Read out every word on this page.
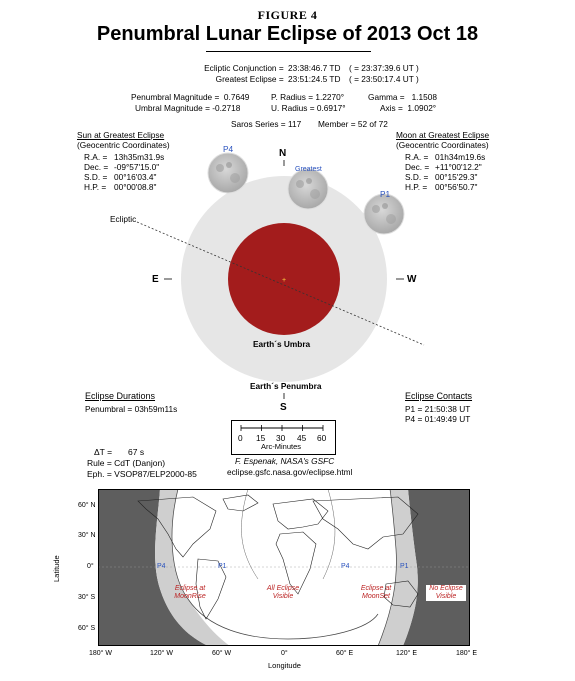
FIGURE 4
Penumbral Lunar Eclipse of 2013 Oct 18
Ecliptic Conjunction = 23:38:46.7 TD ( = 23:37:39.6 UT )
Greatest Eclipse = 23:51:24.5 TD ( = 23:50:17.4 UT )
Penumbral Magnitude =  0.7649	P. Radius = 1.2270°	Gamma =   1.1508
Umbral Magnitude = -0.2718	U. Radius = 0.6917°	Axis =  1.0902°
Saros Series = 117 Member = 52 of 72
Sun at Greatest Eclipse
(Geocentric Coordinates)
R.A. = 13h35m31.9s
Dec. = -09°57'15.0"
S.D. = 00°16'03.4"
H.P. = 00°00'08.8"
Moon at Greatest Eclipse
(Geocentric Coordinates)
R.A. = 01h34m19.6s
Dec. = +11°00'12.2"
S.D. = 00°15'29.3"
H.P. = 00°56'50.7"
+
N
S
E	W
Ecliptic
P4
Greatest
P1
Earth´s Umbra
Earth´s Penumbra
Eclipse Durations
Penumbral = 03h59m11s
Eclipse Contacts
P1 = 21:50:38 UT
P4 = 01:49:49 UT
0 15 30 45 60
Arc-Minutes
ΔT = 67 s
Rule = CdT (Danjon)
Eph. = VSOP87/ELP2000-85
F. Espenak, NASA's GSFC
eclipse.gsfc.nasa.gov/eclipse.html
60° N
30° N
0°
30° S
60° S
180° W	120° W	60° W	0°	60° E	120° E	180° E
Longitude
Latitude
Eclipse at
MoonRise
All Eclipse
Visible
Eclipse at
MoonSet
No Eclipse
Visible
P4	P1	P4	P1
